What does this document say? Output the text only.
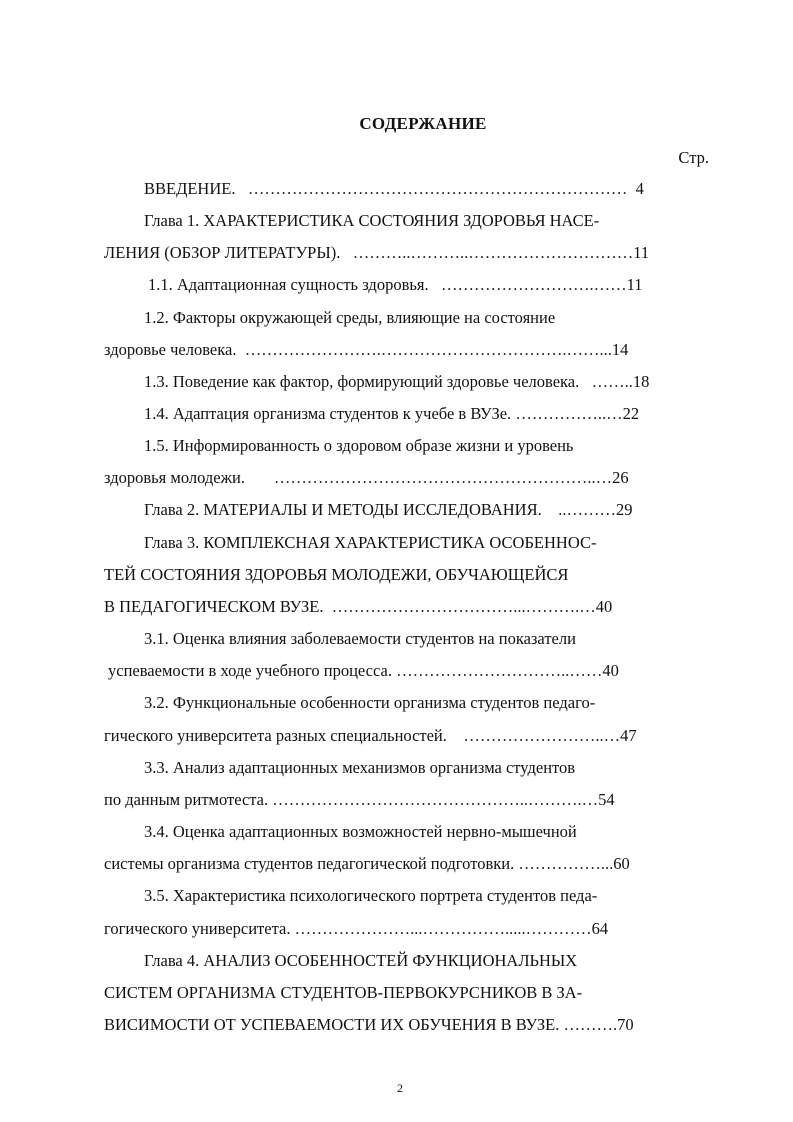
СОДЕРЖАНИЕ
Стр.
ВВЕДЕНИЕ. …………………………………………………………… 4
Глава 1. ХАРАКТЕРИСТИКА СОСТОЯНИЯ ЗДОРОВЬЯ НАСЕ-
ЛЕНИЯ (ОБЗОР ЛИТЕРАТУРЫ). ………..………..…………………………11
1.1. Адаптационная сущность здоровья. ……………………….……11
1.2. Факторы окружающей среды, влияющие на состояние
здоровье человека. …………………….…………………………….……...14
1.3. Поведение как фактор, формирующий здоровье человека. ……..18
1.4. Адаптация организма студентов к учебе в ВУЗе. ……………..…22
1.5. Информированность о здоровом образе жизни и уровень
здоровья молодежи. …………………………………………………..…26
Глава 2. МАТЕРИАЛЫ И МЕТОДЫ ИССЛЕДОВАНИЯ. ..………29
Глава 3. КОМПЛЕКСНАЯ ХАРАКТЕРИСТИКА ОСОБЕННОС-
ТЕЙ СОСТОЯНИЯ ЗДОРОВЬЯ МОЛОДЕЖИ, ОБУЧАЮЩЕЙСЯ
В ПЕДАГОГИЧЕСКОМ ВУЗЕ. ……………………………...……….…40
3.1. Оценка влияния заболеваемости студентов на показатели
успеваемости в ходе учебного процесса. …………………………..……40
3.2. Функциональные особенности организма студентов педаго-
гического университета разных специальностей. ……………………..…47
3.3. Анализ адаптационных механизмов организма студентов
по данным ритмотеста. ………………………………………..……….…54
3.4. Оценка адаптационных возможностей нервно-мышечной
системы организма студентов педагогической подготовки. ……………...60
3.5. Характеристика психологического портрета студентов педа-
гогического университета. …………………...…………….....…………64
Глава 4. АНАЛИЗ ОСОБЕННОСТЕЙ ФУНКЦИОНАЛЬНЫХ
СИСТЕМ ОРГАНИЗМА СТУДЕНТОВ-ПЕРВОКУРСНИКОВ В ЗА-
ВИСИМОСТИ ОТ УСПЕВАЕМОСТИ ИХ ОБУЧЕНИЯ В ВУЗЕ. ……….70
2
